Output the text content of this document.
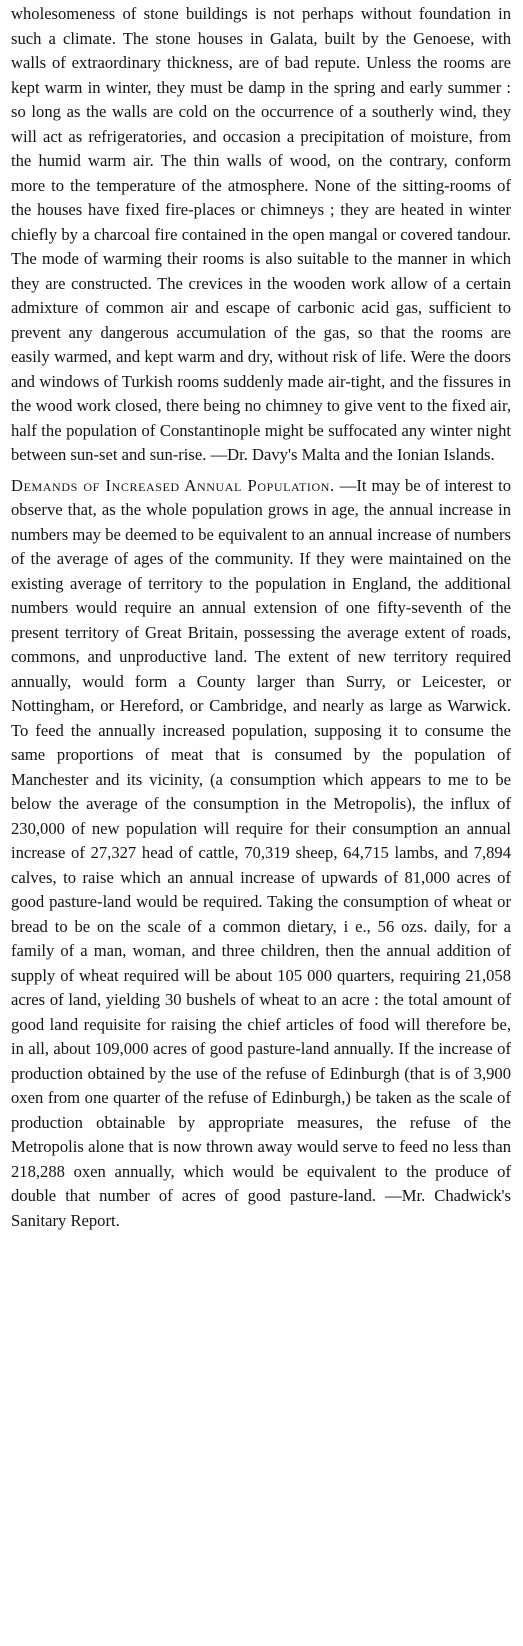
wholesomeness of stone buildings is not perhaps without foundation in such a climate. The stone houses in Galata, built by the Genoese, with walls of extraordinary thickness, are of bad repute. Unless the rooms are kept warm in winter, they must be damp in the spring and early summer : so long as the walls are cold on the occurrence of a southerly wind, they will act as refrigeratories, and occasion a precipitation of moisture, from the humid warm air. The thin walls of wood, on the contrary, conform more to the temperature of the atmosphere. None of the sitting-rooms of the houses have fixed fire-places or chimneys ; they are heated in winter chiefly by a charcoal fire contained in the open mangal or covered tandour. The mode of warming their rooms is also suitable to the manner in which they are constructed. The crevices in the wooden work allow of a certain admixture of common air and escape of carbonic acid gas, sufficient to prevent any dangerous accumulation of the gas, so that the rooms are easily warmed, and kept warm and dry, without risk of life. Were the doors and windows of Turkish rooms suddenly made air-tight, and the fissures in the wood work closed, there being no chimney to give vent to the fixed air, half the population of Constantinople might be suffocated any winter night between sun-set and sun-rise. —Dr. Davy's Malta and the Ionian Islands.

Demands of Increased Annual Population. —It may be of interest to observe that, as the whole population grows in age, the annual increase in numbers may be deemed to be equivalent to an annual increase of numbers of the average of ages of the community. If they were maintained on the existing average of territory to the population in England, the additional numbers would require an annual extension of one fifty-seventh of the present territory of Great Britain, possessing the average extent of roads, commons, and unproductive land. The extent of new territory required annually, would form a County larger than Surry, or Leicester, or Nottingham, or Hereford, or Cambridge, and nearly as large as Warwick. To feed the annually increased population, supposing it to consume the same proportions of meat that is consumed by the population of Manchester and its vicinity, (a consumption which appears to me to be below the average of the consumption in the Metropolis), the influx of 230,000 of new population will require for their consumption an annual increase of 27,327 head of cattle, 70,319 sheep, 64,715 lambs, and 7,894 calves, to raise which an annual increase of upwards of 81,000 acres of good pasture-land would be required. Taking the consumption of wheat or bread to be on the scale of a common dietary, i e., 56 ozs. daily, for a family of a man, woman, and three children, then the annual addition of supply of wheat required will be about 105 000 quarters, requiring 21,058 acres of land, yielding 30 bushels of wheat to an acre : the total amount of good land requisite for raising the chief articles of food will therefore be, in all, about 109,000 acres of good pasture-land annually. If the increase of production obtained by the use of the refuse of Edinburgh (that is of 3,900 oxen from one quarter of the refuse of Edinburgh,) be taken as the scale of production obtainable by appropriate measures, the refuse of the Metropolis alone that is now thrown away would serve to feed no less than 218,288 oxen annually, which would be equivalent to the produce of double that number of acres of good pasture-land. —Mr. Chadwick's Sanitary Report.
